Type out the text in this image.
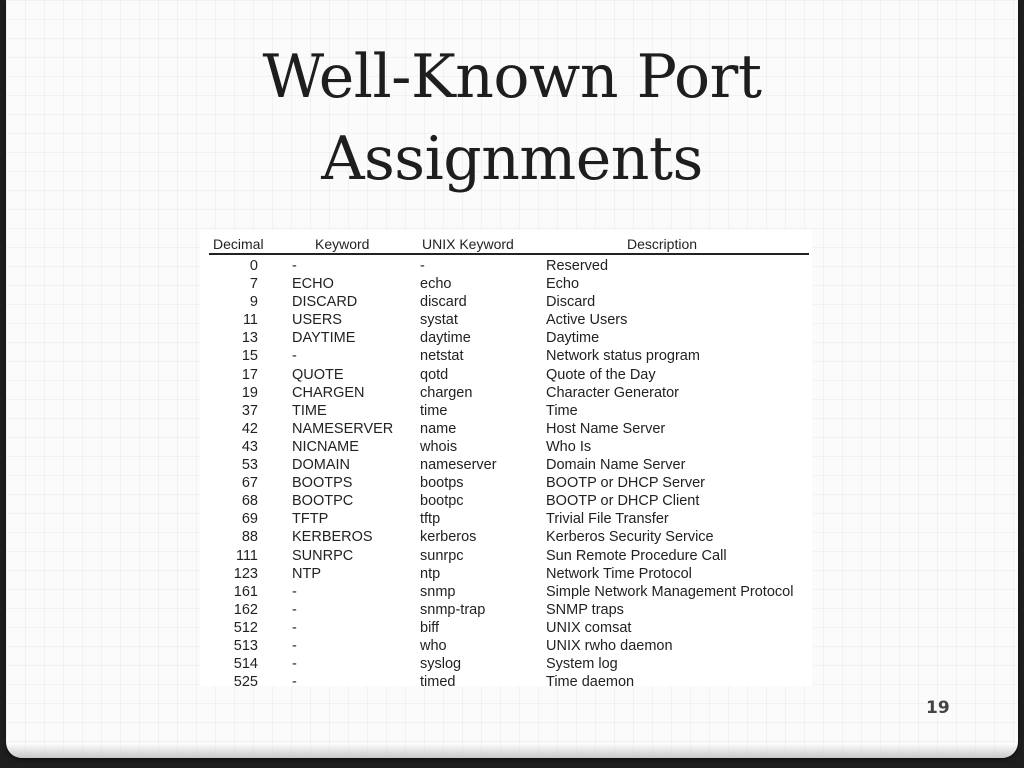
Well-Known Port
Assignments
Decimal	Keyword	UNIX Keyword	Description
0 -	-	Reserved
7 ECHO	echo	Echo
9 DISCARD	discard	Discard
11 USERS	systat	Active Users
13 DAYTIME	daytime	Daytime
15 -	netstat	Network status program
17 QUOTE	qotd	Quote of the Day
19 CHARGEN	chargen	Character Generator
37 TIME	time	Time
42 NAMESERVER name	Host Name Server
43 NICNAME	whois	Who Is
53 DOMAIN	nameserver	Domain Name Server
67 BOOTPS	bootps	BOOTP or DHCP Server
68 BOOTPC	bootpc	BOOTP or DHCP Client
69 TFTP	tftp	Trivial File Transfer
88 KERBEROS	kerberos	Kerberos Security Service
111 SUNRPC	sunrpc	Sun Remote Procedure Call
123 NTP	ntp	Network Time Protocol
161 -	snmp	Simple Network Management Protocol
162 -	snmp-trap	SNMP traps
512 -	biff	UNIX comsat
513 -	who	UNIX rwho daemon
514 -	syslog	System log
525 -	timed	Time daemon
19
